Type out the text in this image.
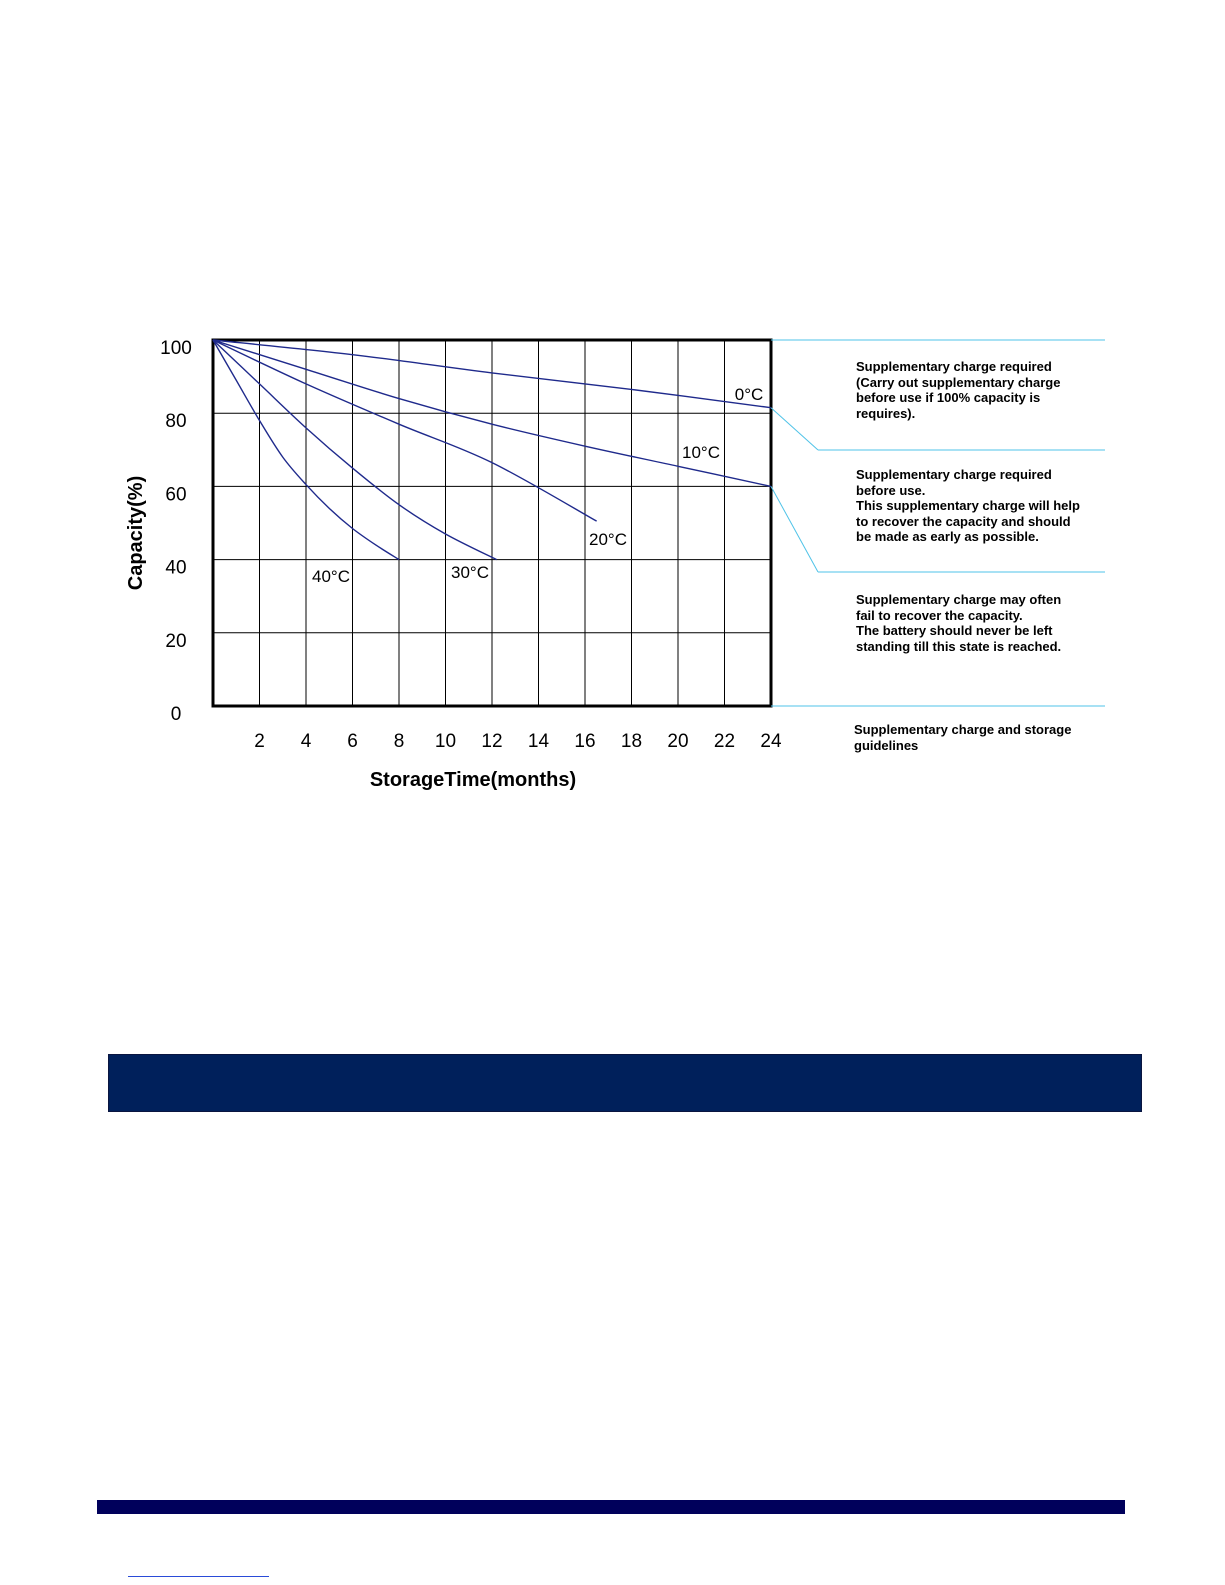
0°C
10°C
20°C
30°C
40°C
2 4 6 8 10 12 14 16 18 20 22 24
0
20
40
60
80
100
StorageTime(months)
Capacity(%)
Supplementary charge required
(Carry out supplementary charge
before use if 100% capacity is
requires).
Supplementary charge required
before use.
This supplementary charge will help
to recover the capacity and should
be made as early as possible.
Supplementary charge may often
fail to recover the capacity.
The battery should never be left
standing till this state is reached.
Supplementary charge and storage
guidelines
